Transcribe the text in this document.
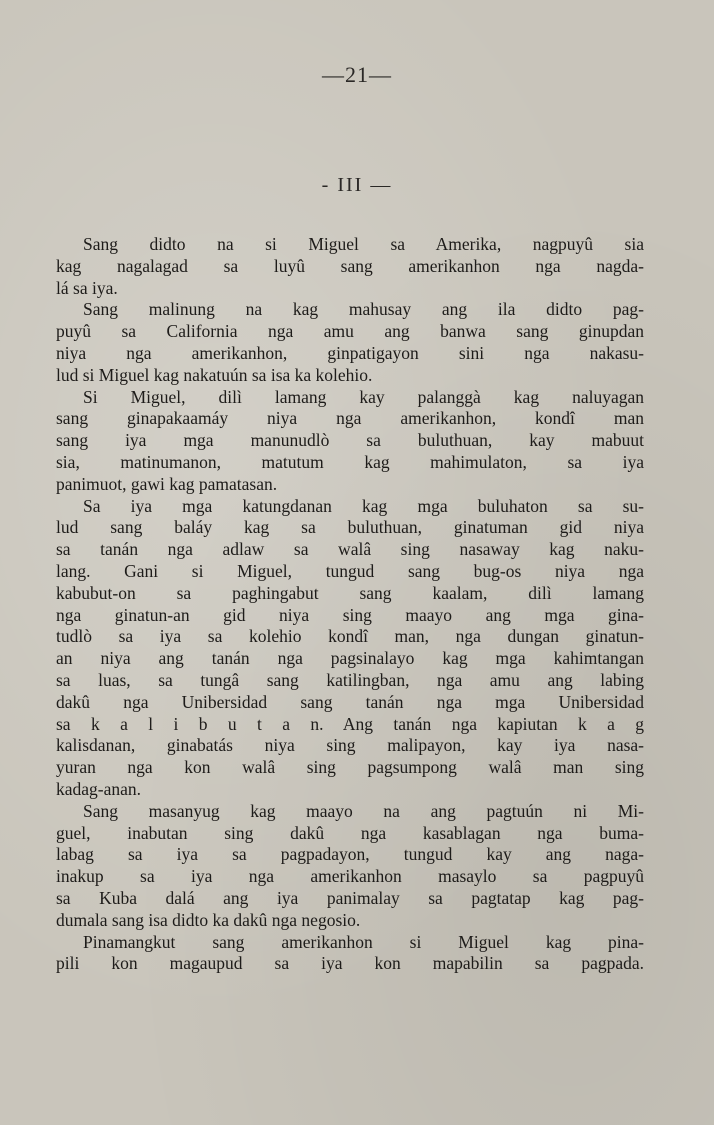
—21—
- III —
Sang didto na si Miguel sa Amerika, nagpuyû sia
kag nagalagad sa luyû sang amerikanhon nga nagda-
lá sa iya.
Sang malinung na kag mahusay ang ila didto pag-
puyû sa California nga amu ang banwa sang ginupdan
niya nga amerikanhon, ginpatigayon sini nga nakasu-
lud si Miguel kag nakatuún sa isa ka kolehio.
Si Miguel, dilì lamang kay palanggà kag naluyagan
sang ginapakaamáy niya nga amerikanhon, kondî man
sang iya mga manunudlò sa buluthuan, kay mabuut
sia, matinumanon, matutum kag mahimulaton, sa iya
panimuot, gawi kag pamatasan.
Sa iya mga katungdanan kag mga buluhaton sa su-
lud sang baláy kag sa buluthuan, ginatuman gid niya
sa tanán nga adlaw sa walâ sing nasaway kag naku-
lang. Gani si Miguel, tungud sang bug-os niya nga
kabubut-on sa paghingabut sang kaalam, dilì lamang
nga ginatun-an gid niya sing maayo ang mga gina-
tudlò sa iya sa kolehio kondî man, nga dungan ginatun-
an niya ang tanán nga pagsinalayo kag mga kahimtangan
sa luas, sa tungâ sang katilingban, nga amu ang labing
dakû nga Unibersidad sang tanán nga mga Unibersidad
sa k a l i b u t a n. Ang tanán nga kapiutan k a g
kalisdanan, ginabatás niya sing malipayon, kay iya nasa-
yuran nga kon walâ sing pagsumpong walâ man sing
kadag-anan.
Sang masanyug kag maayo na ang pagtuún ni Mi-
guel, inabutan sing dakû nga kasablagan nga buma-
labag sa iya sa pagpadayon, tungud kay ang naga-
inakup sa iya nga amerikanhon masaylo sa pagpuyû
sa Kuba dalá ang iya panimalay sa pagtatap kag pag-
dumala sang isa didto ka dakû nga negosio.
Pinamangkut sang amerikanhon si Miguel kag pina-
pili kon magaupud sa iya kon mapabilin sa pagpada.
